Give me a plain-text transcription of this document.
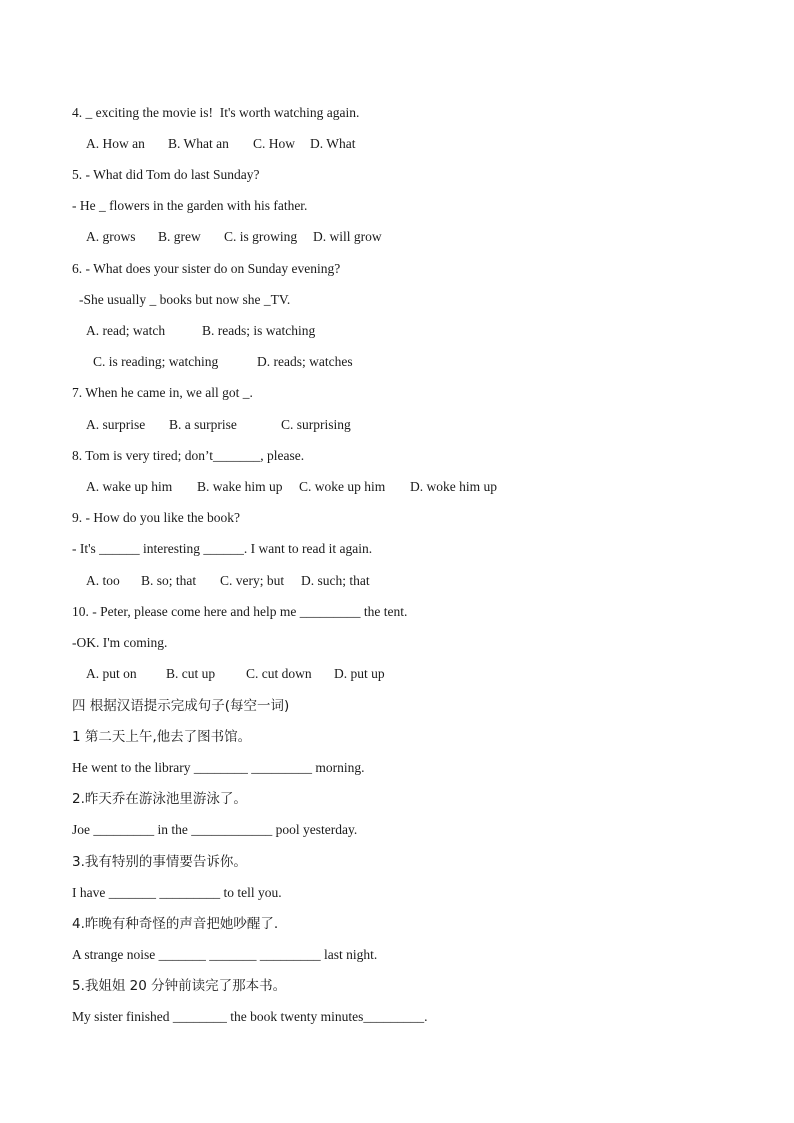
4. _ exciting the movie is!  It's worth watching again.
A. How an B. What an C. How D. What
5. - What did Tom do last Sunday?
- He _ flowers in the garden with his father.
A. grows B. grew C. is growing D. will grow
6. - What does your sister do on Sunday evening?
-She usually _ books but now she _TV.
A. read; watch	B. reads; is watching
C. is reading; watching	D. reads; watches
7. When he came in, we all got _.
A. surprise B. a surprise	C. surprising
8. Tom is very tired; don’t_______, please.
A. wake up him B. wake him up C. woke up him D. woke him up
9. - How do you like the book?
- It's ______ interesting ______. I want to read it again.
A. too B. so; that C. very; but D. such; that
10. - Peter, please come here and help me _________ the tent.
-OK. I'm coming.
A. put on B. cut up C. cut down D. put up
四 根据汉语提示完成句子(每空一词)
1 第二天上午,他去了图书馆。
He went to the library ________ _________ morning.
2.昨天乔在游泳池里游泳了。
Joe _________ in the ____________ pool yesterday.
3.我有特别的事情要告诉你。
I have _______ _________ to tell you.
4.昨晚有种奇怪的声音把她吵醒了.
A strange noise _______ _______ _________ last night.
5.我姐姐 20 分钟前读完了那本书。
My sister finished ________ the book twenty minutes_________.
